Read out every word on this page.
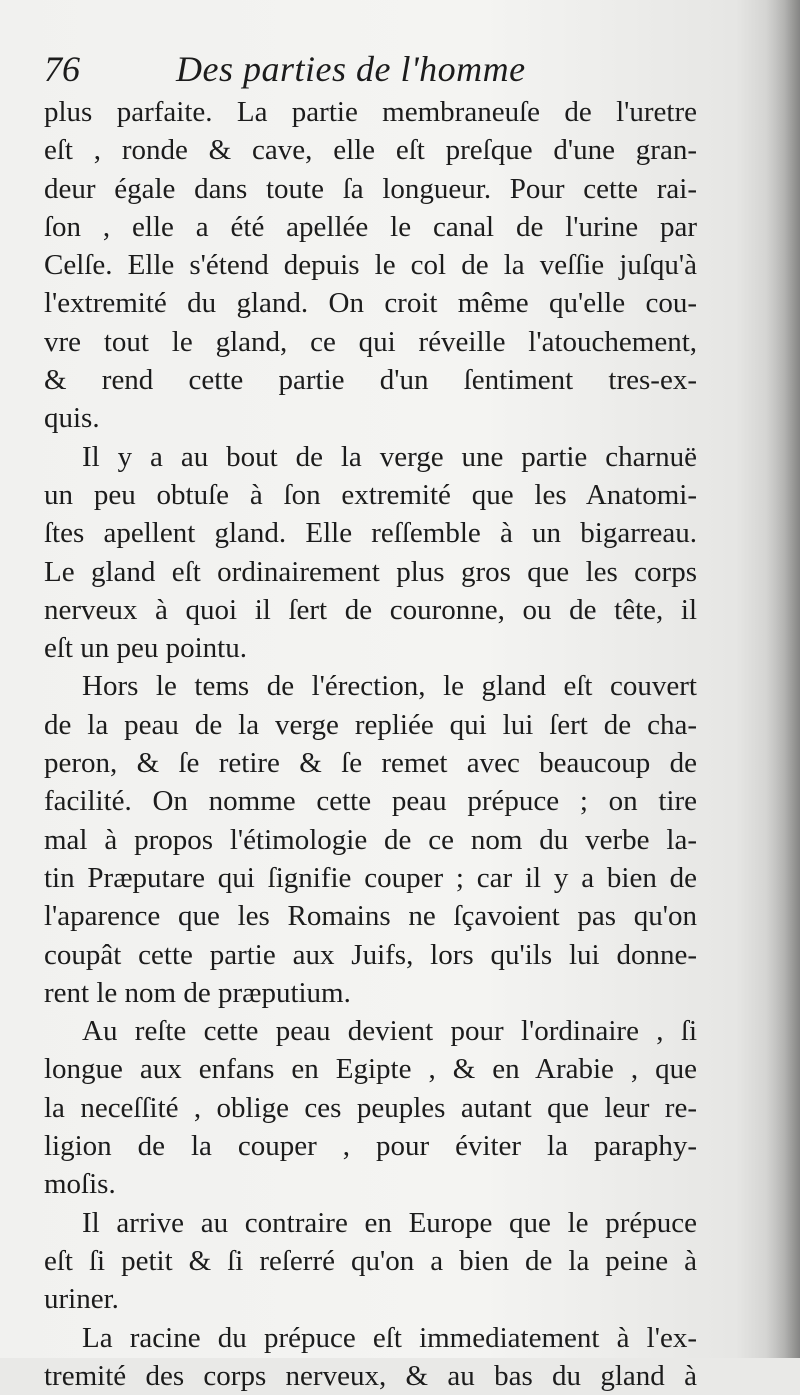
76	Des parties de l'homme
plus parfaite. La partie membraneuſe de l'uretre
eſt , ronde & cave, elle eſt preſque d'une gran-
deur égale dans toute ſa longueur. Pour cette rai-
ſon , elle a été apellée le canal de l'urine par
Celſe. Elle s'étend depuis le col de la veſſie juſqu'à
l'extremité du gland. On croit même qu'elle cou-
vre tout le gland, ce qui réveille l'atouchement,
& rend cette partie d'un ſentiment tres-ex-
quis.
Il y a au bout de la verge une partie charnuë
un peu obtuſe à ſon extremité que les Anatomi-
ſtes apellent gland. Elle reſſemble à un bigarreau.
Le gland eſt ordinairement plus gros que les corps
nerveux à quoi il ſert de couronne, ou de tête, il
eſt un peu pointu.
Hors le tems de l'érection, le gland eſt couvert
de la peau de la verge repliée qui lui ſert de cha-
peron, & ſe retire & ſe remet avec beaucoup de
facilité. On nomme cette peau prépuce ; on tire
mal à propos l'étimologie de ce nom du verbe la-
tin Præputare qui ſignifie couper ; car il y a bien de
l'aparence que les Romains ne ſçavoient pas qu'on
coupât cette partie aux Juifs, lors qu'ils lui donne-
rent le nom de præputium.
Au reſte cette peau devient pour l'ordinaire , ſi
longue aux enfans en Egipte , & en Arabie , que
la neceſſité , oblige ces peuples autant que leur re-
ligion de la couper , pour éviter la paraphy-
moſis.
Il arrive au contraire en Europe que le prépuce
eſt ſi petit & ſi reſerré qu'on a bien de la peine à
uriner.
La racine du prépuce eſt immediatement à l'ex-
tremité des corps nerveux, & au bas du gland à
